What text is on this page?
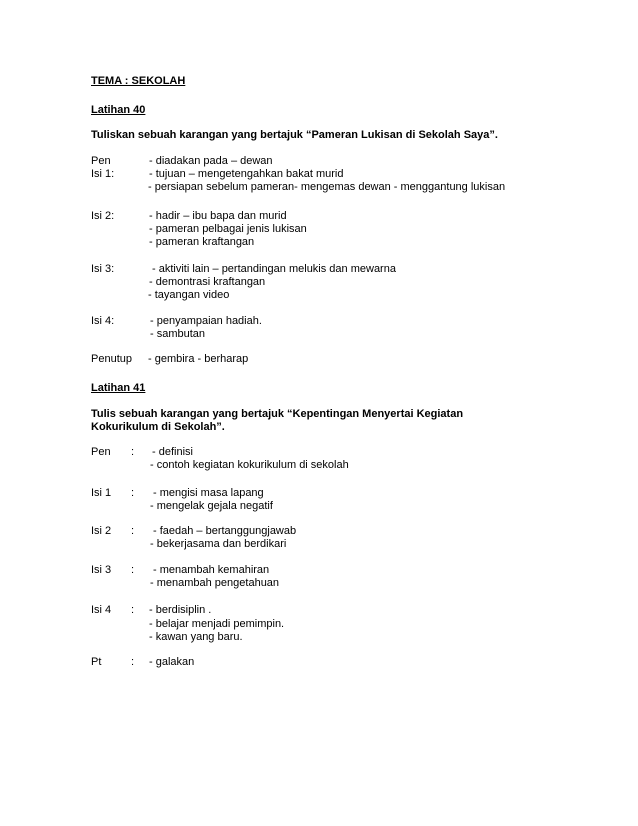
TEMA : SEKOLAH
Latihan 40
Tuliskan sebuah karangan yang bertajuk “Pameran Lukisan di Sekolah Saya”.
Pen	- diadakan pada – dewan
Isi 1:	- tujuan – mengetengahkan bakat murid
- persiapan sebelum pameran- mengemas dewan - menggantung lukisan
Isi 2:	- hadir – ibu bapa dan murid
- pameran pelbagai jenis lukisan
- pameran kraftangan
Isi 3:	- aktiviti lain – pertandingan melukis dan mewarna
- demontrasi kraftangan
- tayangan video
Isi 4:	- penyampaian hadiah.
- sambutan
Penutup - gembira - berharap
Latihan 41
Tulis sebuah karangan yang bertajuk “Kepentingan Menyertai Kegiatan
Kokurikulum di Sekolah”.
Pen : - definisi
- contoh kegiatan kokurikulum di sekolah
Isi 1 : - mengisi masa lapang
- mengelak gejala negatif
Isi 2 : - faedah – bertanggungjawab
- bekerjasama dan berdikari
Isi 3 : - menambah kemahiran
- menambah pengetahuan
Isi 4 : - berdisiplin .
- belajar menjadi pemimpin.
- kawan yang baru.
Pt	: - galakan
